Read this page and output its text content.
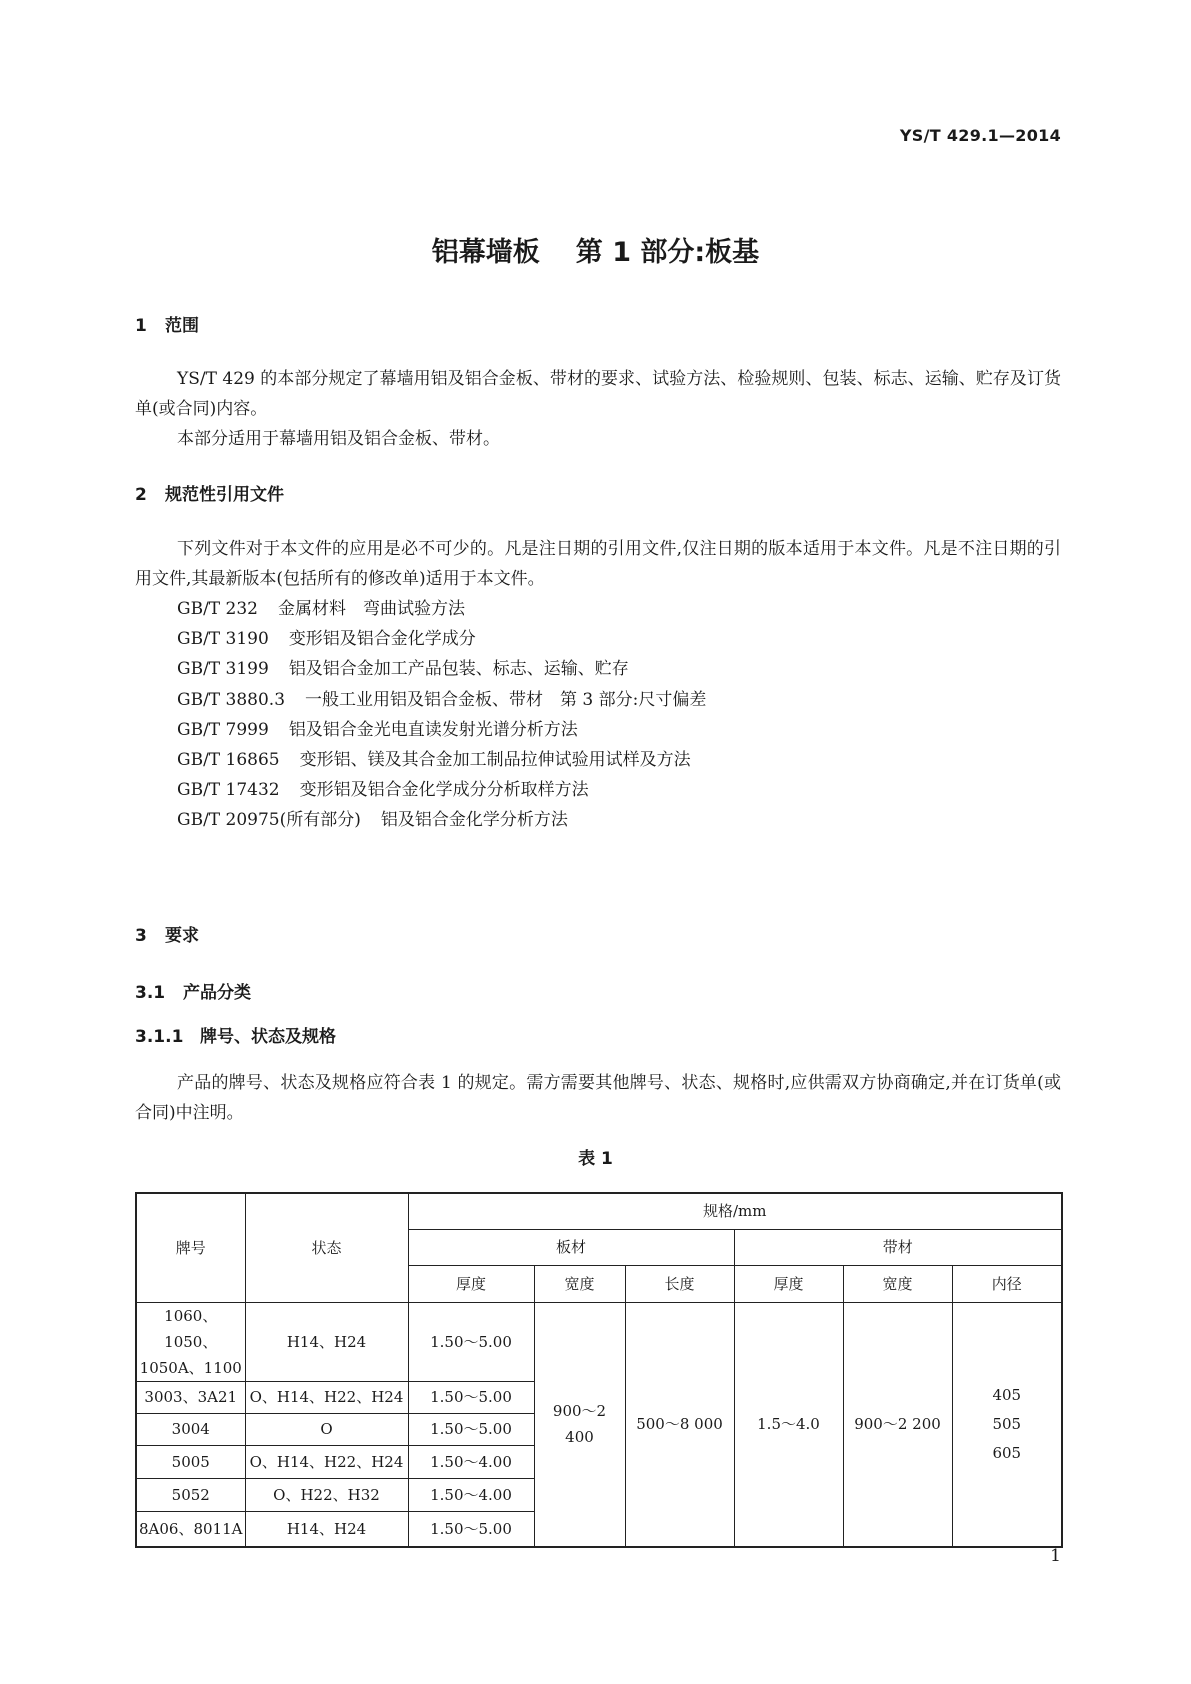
YS/T 429.1—2014
铝幕墙板 第 1 部分:板基
1 范围

YS/T 429 的本部分规定了幕墙用铝及铝合金板、带材的要求、试验方法、检验规则、包装、标志、运输、贮存及订货单(或合同)内容。

本部分适用于幕墙用铝及铝合金板、带材。

2 规范性引用文件

下列文件对于本文件的应用是必不可少的。凡是注日期的引用文件,仅注日期的版本适用于本文件。凡是不注日期的引用文件,其最新版本(包括所有的修改单)适用于本文件。

GB/T 232 金属材料　弯曲试验方法
GB/T 3190 变形铝及铝合金化学成分
GB/T 3199 铝及铝合金加工产品包装、标志、运输、贮存
GB/T 3880.3 一般工业用铝及铝合金板、带材　第 3 部分:尺寸偏差
GB/T 7999 铝及铝合金光电直读发射光谱分析方法
GB/T 16865 变形铝、镁及其合金加工制品拉伸试验用试样及方法
GB/T 17432 变形铝及铝合金化学成分分析取样方法
GB/T 20975(所有部分) 铝及铝合金化学分析方法
3 要求
3.1 产品分类
3.1.1 牌号、状态及规格

产品的牌号、状态及规格应符合表 1 的规定。需方需要其他牌号、状态、规格时,应供需双方协商确定,并在订货单(或合同)中注明。

表 1
牌号	状态	规格/mm					
		板材			带材		
		厚度	宽度	长度	厚度	宽度	内径
1060、1050、
1050A、1100	H14、H24	1.50～5.00	900～2 400	500～8 000	1.5～4.0	900～2 200	405
505
605
3003、3A21	O、H14、H22、H24	1.50～5.00					
3004	O	1.50～5.00					
5005	O、H14、H22、H24	1.50～4.00					
5052	O、H22、H32	1.50～4.00					
8A06、8011A	H14、H24	1.50～5.00					
1
